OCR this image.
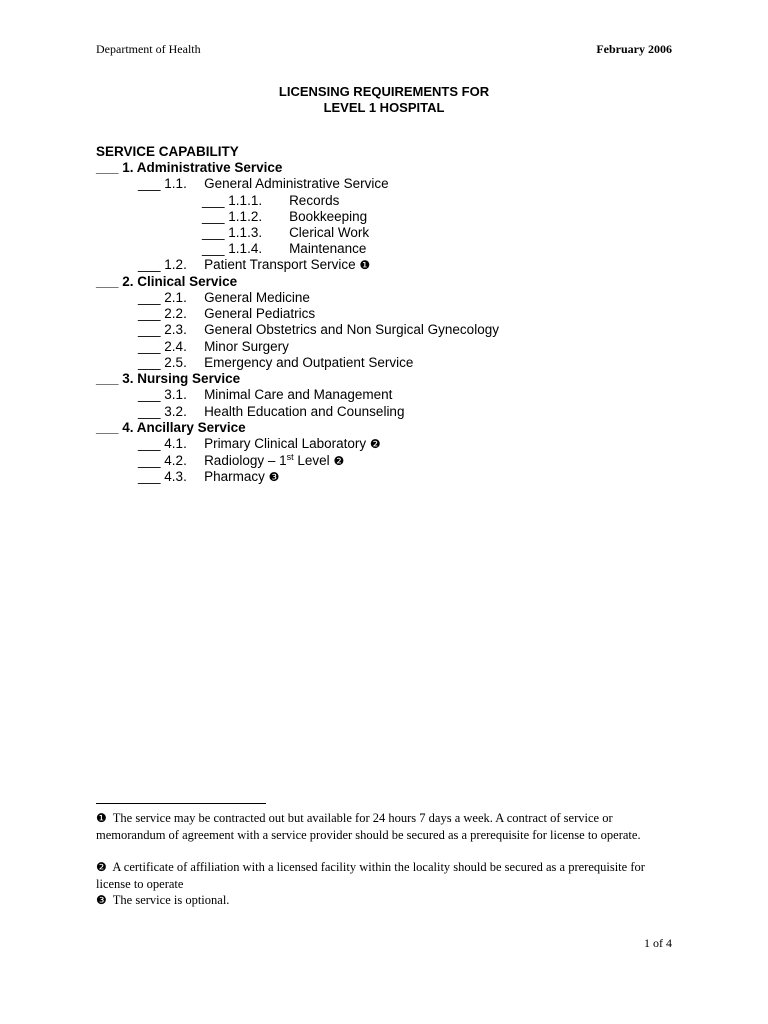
Department of Health	February 2006
LICENSING REQUIREMENTS FOR
LEVEL 1 HOSPITAL
SERVICE CAPABILITY
___ 1. Administrative Service
___ 1.1. General Administrative Service
___ 1.1.1. Records
___ 1.1.2. Bookkeeping
___ 1.1.3. Clerical Work
___ 1.1.4. Maintenance
___ 1.2. Patient Transport Service ❶
___ 2. Clinical Service
___ 2.1. General Medicine
___ 2.2. General Pediatrics
___ 2.3. General Obstetrics and Non Surgical Gynecology
___ 2.4. Minor Surgery
___ 2.5. Emergency and Outpatient Service
___ 3. Nursing Service
___ 3.1. Minimal Care and Management
___ 3.2. Health Education and Counseling
___ 4. Ancillary Service
___ 4.1. Primary Clinical Laboratory ❷
___ 4.2. Radiology – 1st Level ❷
___ 4.3. Pharmacy ❸
❶ The service may be contracted out but available for 24 hours 7 days a week. A contract of service or memorandum of agreement with a service provider should be secured as a prerequisite for license to operate.
❷ A certificate of affiliation with a licensed facility within the locality should be secured as a prerequisite for license to operate
❸ The service is optional.
1 of 4
